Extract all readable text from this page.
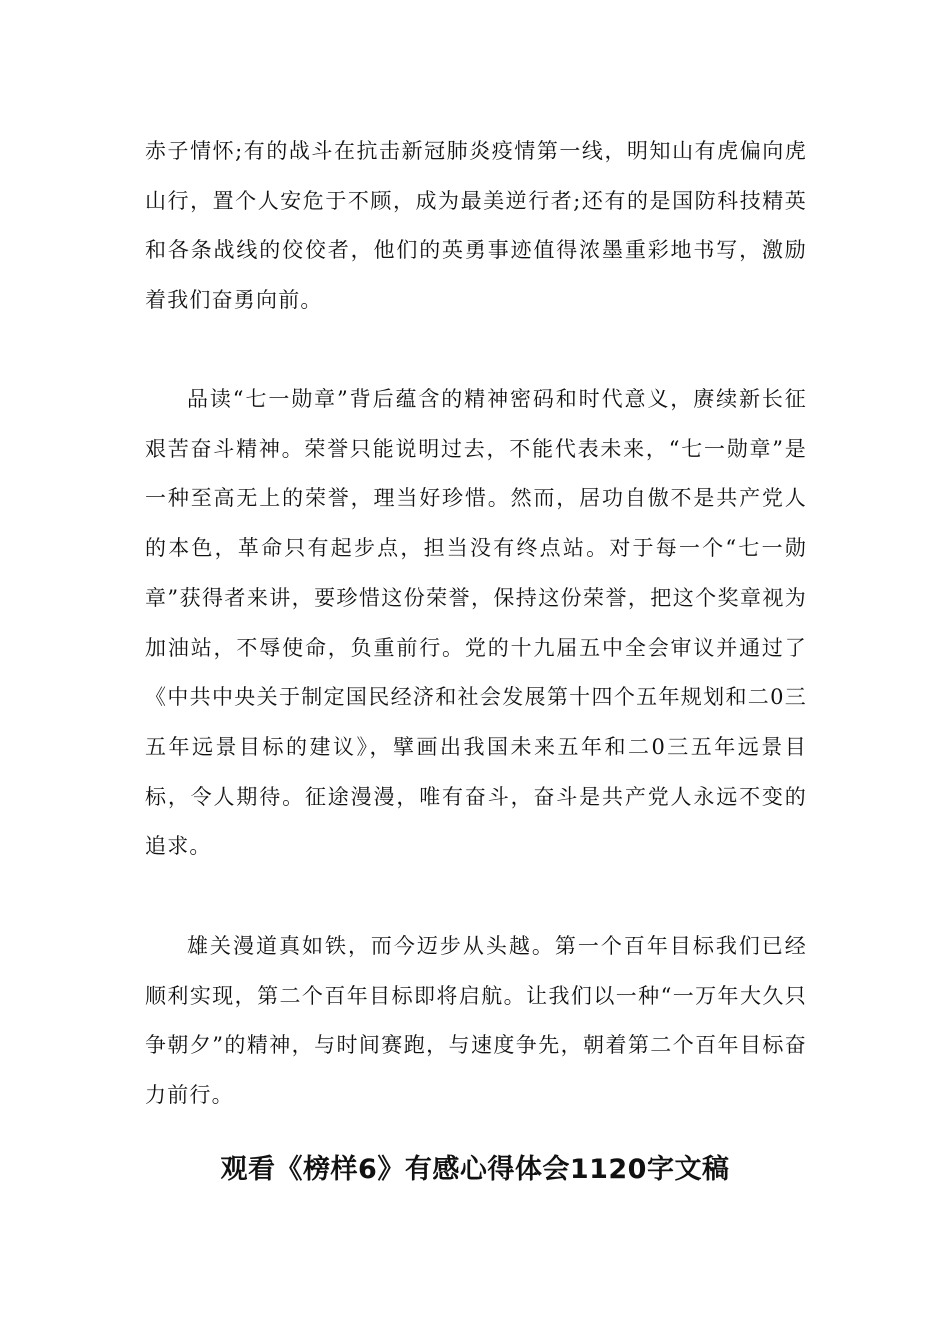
赤子情怀;有的战斗在抗击新冠肺炎疫情第一线，明知山有虎偏向虎山行，置个人安危于不顾，成为最美逆行者;还有的是国防科技精英和各条战线的佼佼者，他们的英勇事迹值得浓墨重彩地书写，激励着我们奋勇向前。

品读“七一勋章”背后蕴含的精神密码和时代意义，赓续新长征艰苦奋斗精神。荣誉只能说明过去，不能代表未来，“七一勋章”是一种至高无上的荣誉，理当好珍惜。然而，居功自傲不是共产党人的本色，革命只有起步点，担当没有终点站。对于每一个“七一勋章”获得者来讲，要珍惜这份荣誉，保持这份荣誉，把这个奖章视为加油站，不辱使命，负重前行。党的十九届五中全会审议并通过了《中共中央关于制定国民经济和社会发展第十四个五年规划和二0三五年远景目标的建议》，擘画出我国未来五年和二0三五年远景目标，令人期待。征途漫漫，唯有奋斗，奋斗是共产党人永远不变的追求。

雄关漫道真如铁，而今迈步从头越。第一个百年目标我们已经顺利实现，第二个百年目标即将启航。让我们以一种“一万年大久只争朝夕”的精神，与时间赛跑，与速度争先，朝着第二个百年目标奋力前行。

观看《榜样6》有感心得体会1120字文稿
